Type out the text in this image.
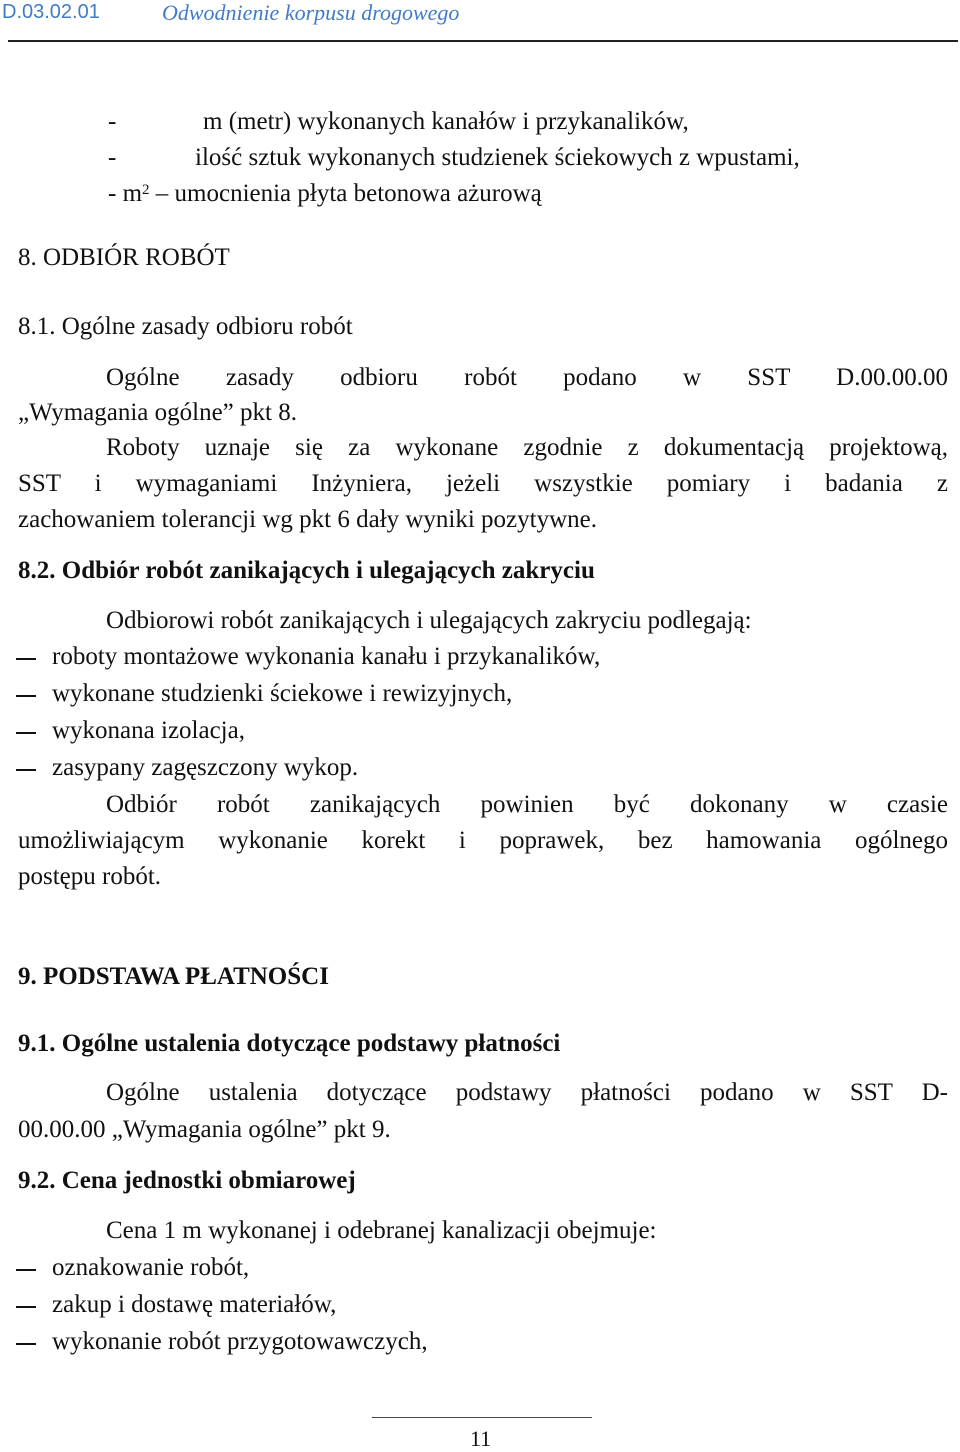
D.03.02.01	Odwodnienie korpusu drogowego
-	m (metr) wykonanych kanałów i przykanalików,
-	ilość sztuk wykonanych studzienek ściekowych z wpustami,
- $m^2$ – umocnienia płyta betonowa ażurową
8. ODBIÓR ROBÓT
8.1. Ogólne zasady odbioru robót
Ogólne zasady odbioru robót podano w SST D.00.00.00
„Wymagania ogólne” pkt 8.
Roboty uznaje się za wykonane zgodnie z dokumentacją projektową,
SST i wymaganiami Inżyniera, jeżeli wszystkie pomiary i badania z
zachowaniem tolerancji wg pkt 6 dały wyniki pozytywne.
8.2. Odbiór robót zanikających i ulegających zakryciu
Odbiorowi robót zanikających i ulegających zakryciu podlegają:
roboty montażowe wykonania kanału i przykanalików,
wykonane studzienki ściekowe i rewizyjnych,
wykonana izolacja,
zasypany zagęszczony wykop.
Odbiór robót zanikających powinien być dokonany w czasie
umożliwiającym wykonanie korekt i poprawek, bez hamowania ogólnego
postępu robót.
9. PODSTAWA PŁATNOŚCI
9.1. Ogólne ustalenia dotyczące podstawy płatności
Ogólne ustalenia dotyczące podstawy płatności podano w SST D-
00.00.00 „Wymagania ogólne” pkt 9.
9.2. Cena jednostki obmiarowej
Cena 1 m wykonanej i odebranej kanalizacji obejmuje:
oznakowanie robót,
zakup i dostawę materiałów,
wykonanie robót przygotowawczych,
11
